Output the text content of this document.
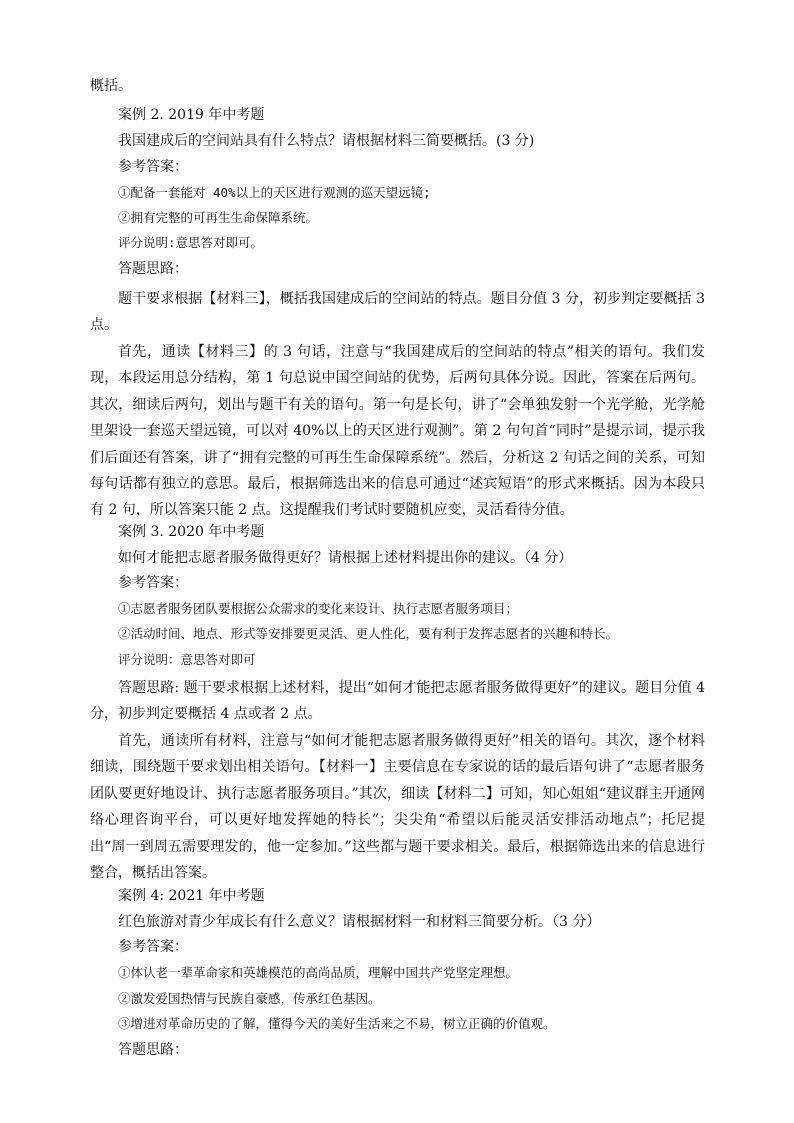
概括。
案例 2. 2019 年中考题
我国建成后的空间站具有什么特点？请根据材料三简要概括。(3 分)
参考答案：
①配备一套能对 40%以上的天区进行观测的巡天望远镜;
②拥有完整的可再生生命保障系统。
评分说明:意思答对即可。
答题思路：
题干要求根据【材料三】，概括我国建成后的空间站的特点。题目分值 3 分，初步判定要概括 3 点。
首先，通读【材料三】的 3 句话，注意与“我国建成后的空间站的特点”相关的语句。我们发现，本段运用总分结构，第 1 句总说中国空间站的优势，后两句具体分说。因此，答案在后两句。其次，细读后两句，划出与题干有关的语句。第一句是长句，讲了“会单独发射一个光学舱，光学舱里架设一套巡天望远镜，可以对 40%以上的天区进行观测”。第 2 句句首“同时”是提示词，提示我们后面还有答案，讲了“拥有完整的可再生生命保障系统”。然后，分析这 2 句话之间的关系，可知每句话都有独立的意思。最后，根据筛选出来的信息可通过“述宾短语”的形式来概括。因为本段只有 2 句，所以答案只能 2 点。这提醒我们考试时要随机应变，灵活看待分值。
案例 3. 2020 年中考题
如何才能把志愿者服务做得更好？请根据上述材料提出你的建议。（4 分）
参考答案：
①志愿者服务团队要根据公众需求的变化来设计、执行志愿者服务项目；
②活动时间、地点、形式等安排要更灵活、更人性化，要有利于发挥志愿者的兴趣和特长。
评分说明：意思答对即可
答题思路: 题干要求根据上述材料，提出“如何才能把志愿者服务做得更好”的建议。题目分值 4 分，初步判定要概括 4 点或者 2 点。
首先，通读所有材料，注意与“如何才能把志愿者服务做得更好”相关的语句。其次，逐个材料细读，围绕题干要求划出相关语句。【材料一】主要信息在专家说的话的最后语句讲了“志愿者服务团队要更好地设计、执行志愿者服务项目。”其次，细读【材料二】可知，知心姐姐“建议群主开通网络心理咨询平台，可以更好地发挥她的特长”；尖尖角“希望以后能灵活安排活动地点”；托尼提出“周一到周五需要理发的，他一定参加。”这些都与题干要求相关。最后，根据筛选出来的信息进行整合，概括出答案。
案例 4: 2021 年中考题
红色旅游对青少年成长有什么意义？请根据材料一和材料三简要分析。（3 分）
参考答案：
①体认老一辈革命家和英雄模范的高尚品质，理解中国共产党坚定理想。
②激发爱国热情与民族自豪感，传承红色基因。
③增进对革命历史的了解，懂得今天的美好生活来之不易，树立正确的价值观。
答题思路：
